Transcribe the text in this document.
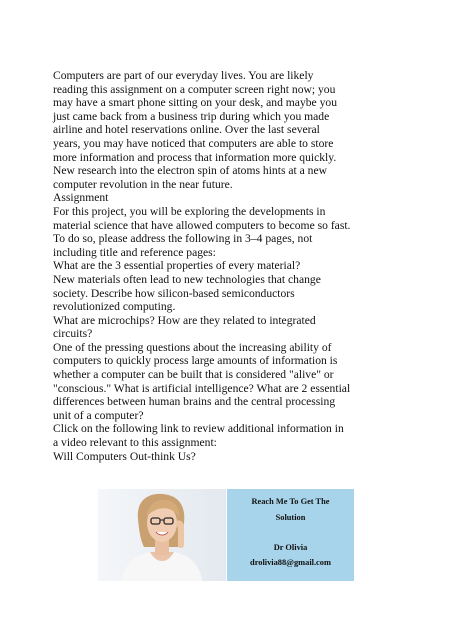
Computers are part of our everyday lives. You are likely
reading this assignment on a computer screen right now; you
may have a smart phone sitting on your desk, and maybe you
just came back from a business trip during which you made
airline and hotel reservations online. Over the last several
years, you may have noticed that computers are able to store
more information and process that information more quickly.
New research into the electron spin of atoms hints at a new
computer revolution in the near future.
Assignment
For this project, you will be exploring the developments in
material science that have allowed computers to become so fast.
To do so, please address the following in 3–4 pages, not
including title and reference pages:
What are the 3 essential properties of every material?
New materials often lead to new technologies that change
society. Describe how silicon-based semiconductors
revolutionized computing.
What are microchips? How are they related to integrated
circuits?
One of the pressing questions about the increasing ability of
computers to quickly process large amounts of information is
whether a computer can be built that is considered "alive" or
"conscious." What is artificial intelligence? What are 2 essential
differences between human brains and the central processing
unit of a computer?
Click on the following link to review additional information in
a video relevant to this assignment:
Will Computers Out-think Us?
Reach Me To Get The
Solution
Dr Olivia
drolivia88@gmail.com
